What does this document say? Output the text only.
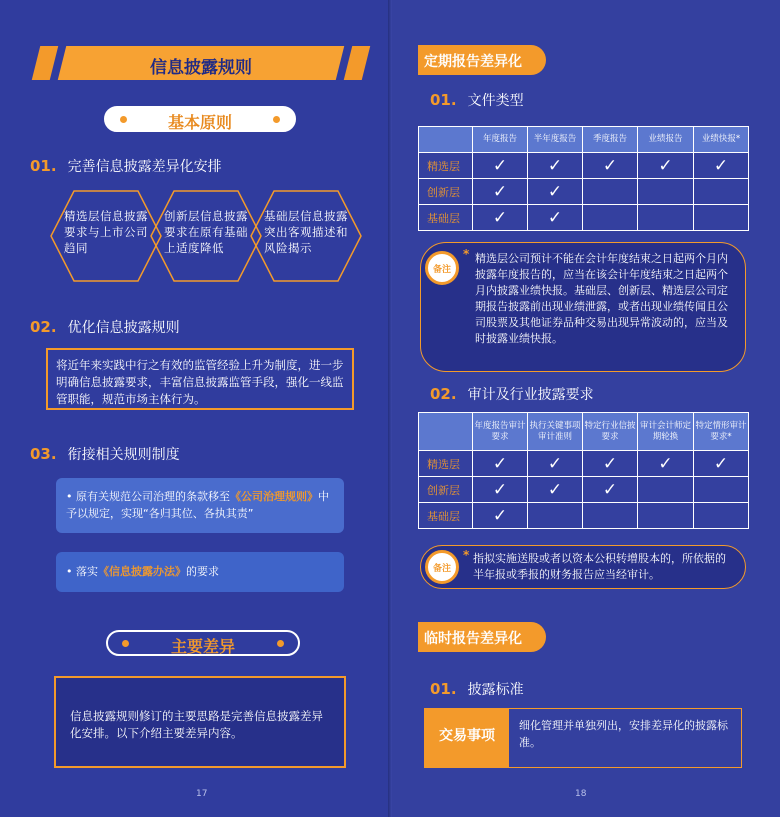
信息披露规则
基本原则
01. 完善信息披露差异化安排
精选层信息披露要求与上市公司趋同
创新层信息披露要求在原有基础上适度降低
基础层信息披露突出客观描述和风险揭示
02. 优化信息披露规则
将近年来实践中行之有效的监管经验上升为制度，进一步明确信息披露要求，丰富信息披露监管手段，强化一线监管职能，规范市场主体行为。
03. 衔接相关规则制度
• 原有关规范公司治理的条款移至《公司治理规则》中予以规定，实现“各归其位、各执其责”
• 落实《信息披露办法》的要求
主要差异
信息披露规则修订的主要思路是完善信息披露差异化安排。以下介绍主要差异内容。
17
定期报告差异化
01. 文件类型
	年度报告	半年度报告	季度报告	业绩报告	业绩快报*
精选层	✓	✓	✓	✓	✓
创新层	✓	✓			
基础层	✓	✓			
备注
* 精选层公司预计不能在会计年度结束之日起两个月内披露年度报告的，应当在该会计年度结束之日起两个月内披露业绩快报。基础层、创新层、精选层公司定期报告披露前出现业绩泄露，或者出现业绩传闻且公司股票及其他证券品种交易出现异常波动的，应当及时披露业绩快报。
02. 审计及行业披露要求
	年度报告审计要求	执行关键事项审计准则	特定行业信披要求	审计会计师定期轮换	特定情形审计要求*
精选层	✓	✓	✓	✓	✓
创新层	✓	✓	✓		
基础层	✓				
备注
* 指拟实施送股或者以资本公积转增股本的，所依据的半年报或季报的财务报告应当经审计。
临时报告差异化
01. 披露标准
交易事项
细化管理并单独列出，安排差异化的披露标准。
18
